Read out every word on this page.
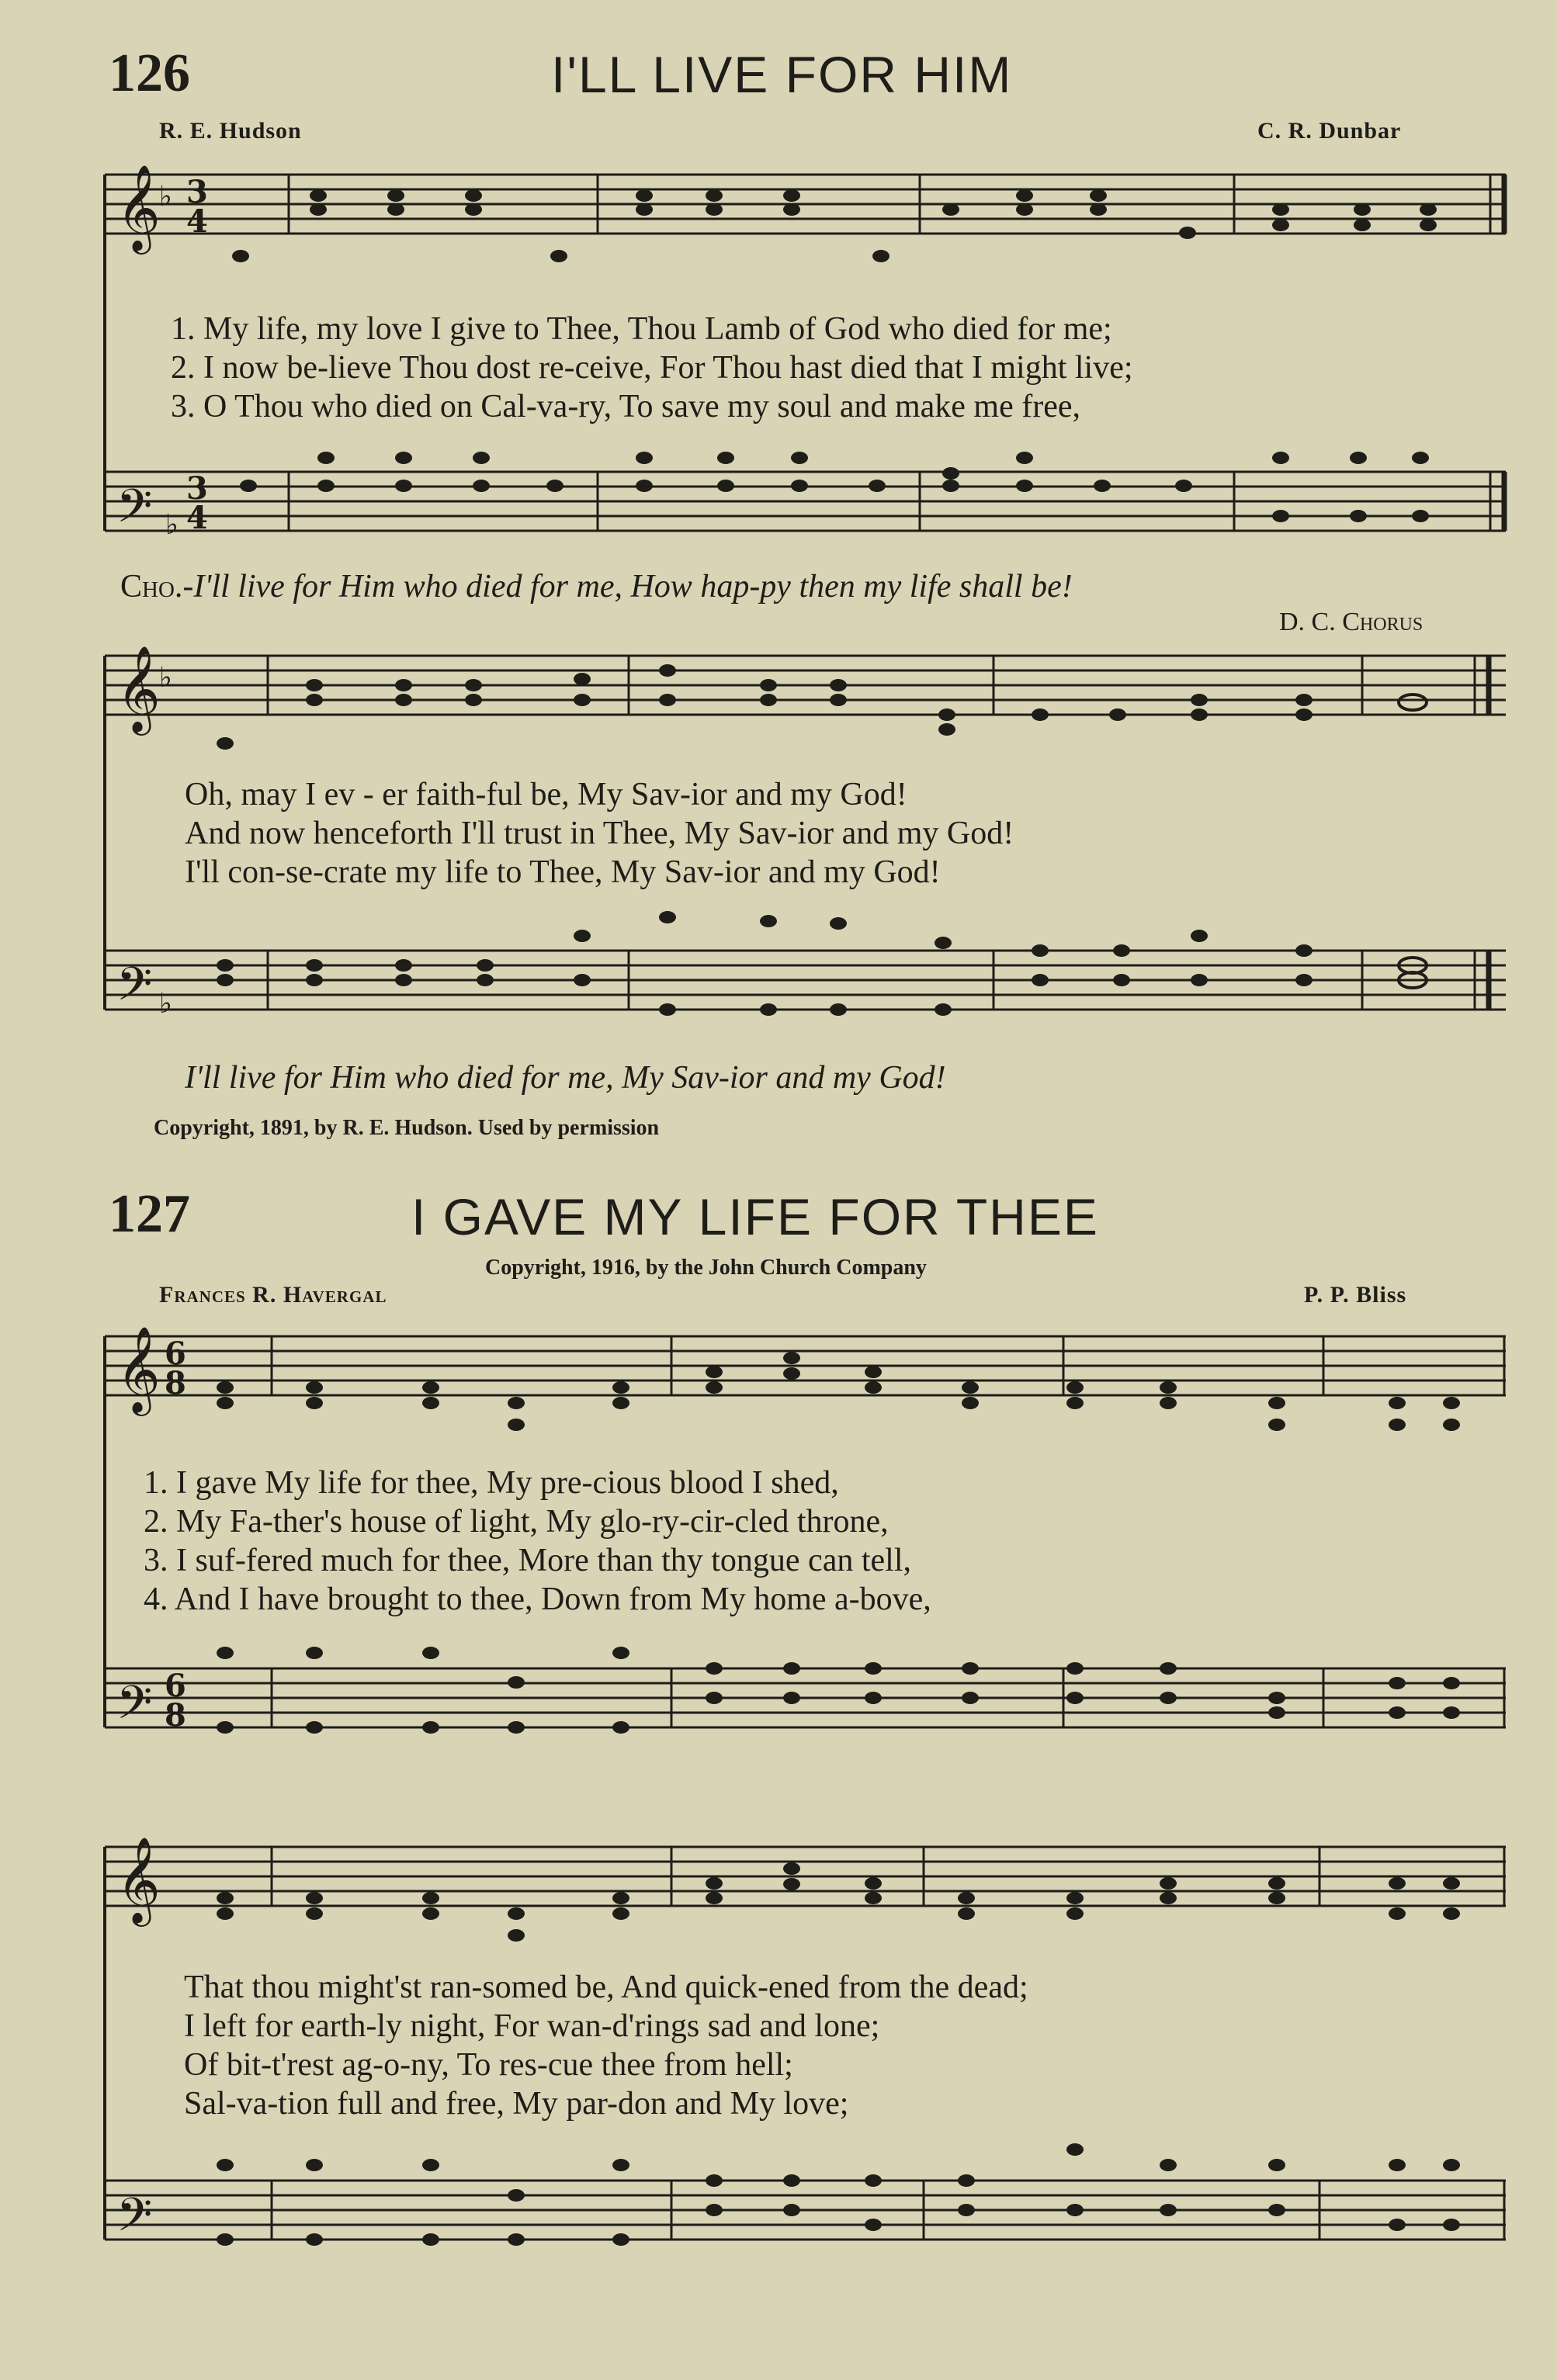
126	I'LL LIVE FOR HIM
R. E. Hudson	C. R. Dunbar
𝄞
𝄢
𝄞
𝄢
♭ 3
4
♭
3
4
♭
♭
1. My life, my love I give to Thee, Thou Lamb of God who died for me;
2. I now be-lieve Thou dost re-ceive, For Thou hast died that I might live;
3. O Thou who died on Cal-va-ry, To save my soul and make me free,
Cho.-I'll live for Him who died for me, How hap-py then my life shall be!
D. C. Chorus
Oh, may I ev - er faith-ful be, My Sav-ior and my God!
And now henceforth I'll trust in Thee, My Sav-ior and my God!
I'll con-se-crate my life to Thee, My Sav-ior and my God!
I'll live for Him who died for me, My Sav-ior and my God!
Copyright, 1891, by R. E. Hudson. Used by permission
127	I GAVE MY LIFE FOR THEE
Copyright, 1916, by the John Church Company
Frances R. Havergal	P. P. Bliss
𝄞
𝄢
𝄞
𝄢
6
8
6
8
1. I gave My life for thee, My pre-cious blood I shed,
2. My Fa-ther's house of light, My glo-ry-cir-cled throne,
3. I suf-fered much for thee, More than thy tongue can tell,
4. And I have brought to thee, Down from My home a-bove,
That thou might'st ran-somed be, And quick-ened from the dead;
I left for earth-ly night, For wan-d'rings sad and lone;
Of bit-t'rest ag-o-ny, To res-cue thee from hell;
Sal-va-tion full and free, My par-don and My love;
